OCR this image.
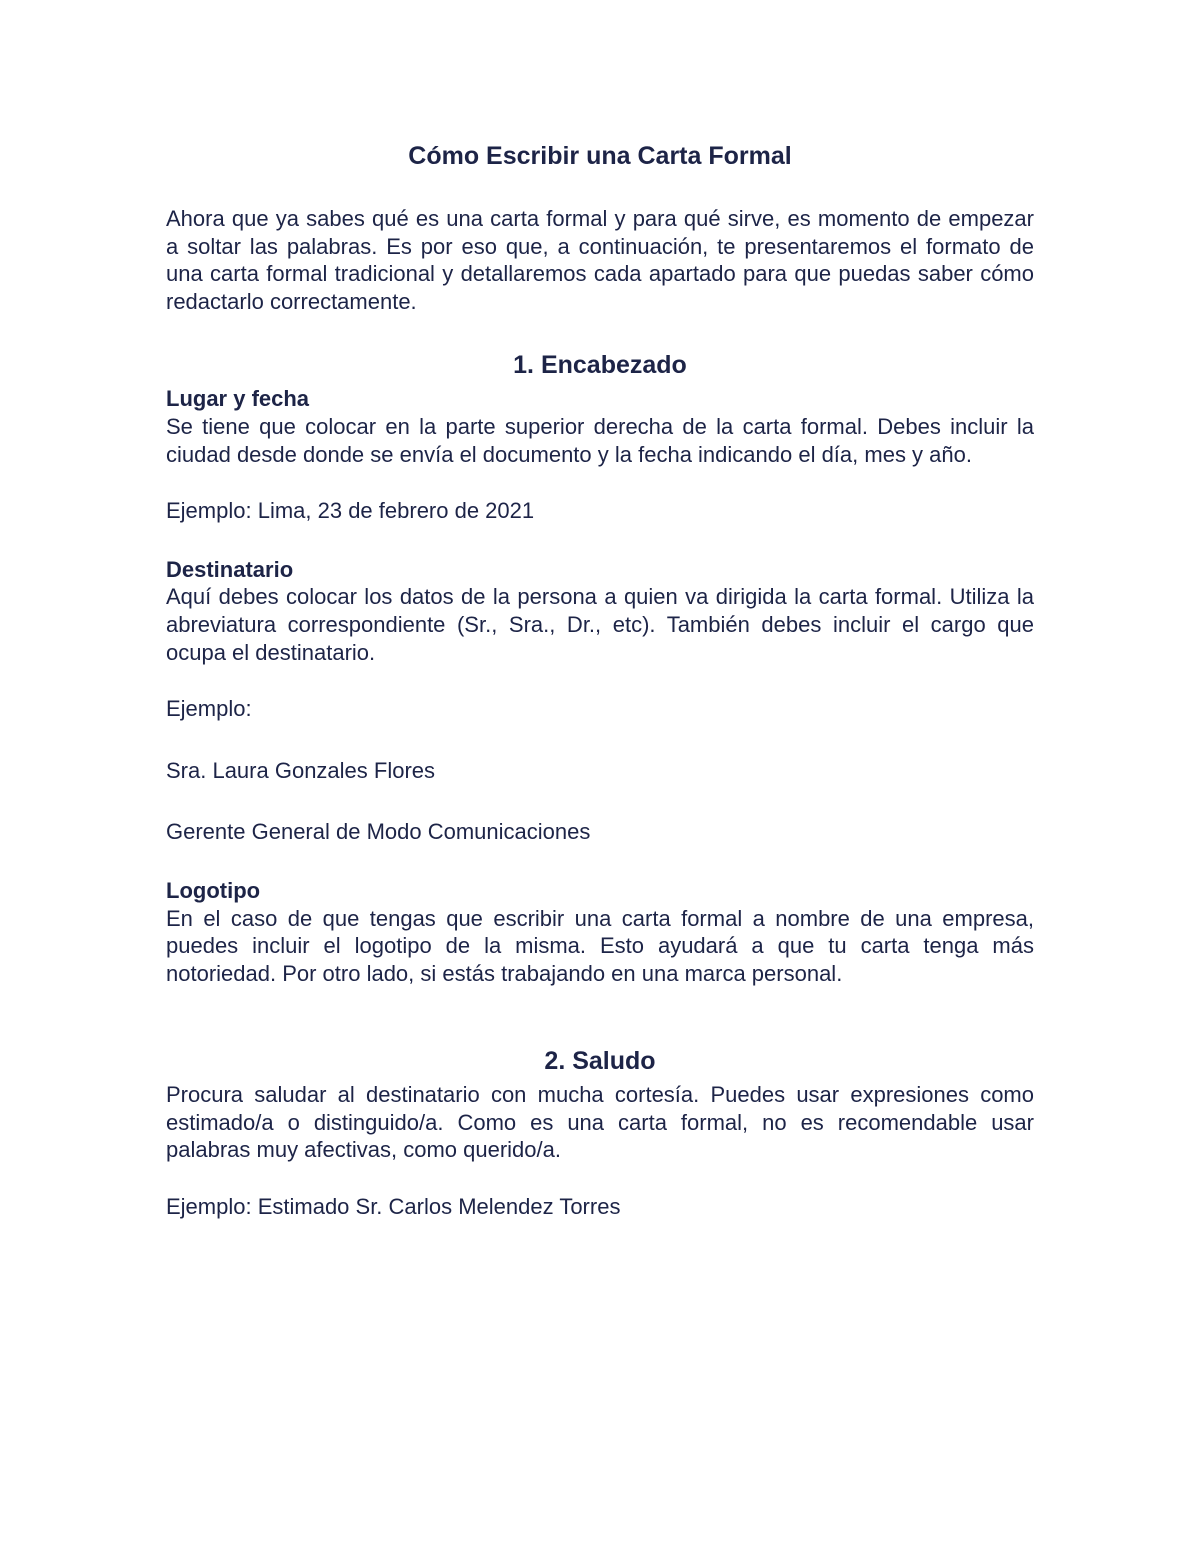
Cómo Escribir una Carta Formal

Ahora que ya sabes qué es una carta formal y para qué sirve, es momento de empezar a soltar las palabras. Es por eso que, a continuación, te presentaremos el formato de una carta formal tradicional y detallaremos cada apartado para que puedas saber cómo redactarlo correctamente.

1. Encabezado

Lugar y fecha

Se tiene que colocar en la parte superior derecha de la carta formal. Debes incluir la ciudad desde donde se envía el documento y la fecha indicando el día, mes y año.

Ejemplo: Lima, 23 de febrero de 2021

Destinatario

Aquí debes colocar los datos de la persona a quien va dirigida la carta formal. Utiliza la abreviatura correspondiente (Sr., Sra., Dr., etc). También debes incluir el cargo que ocupa el destinatario.

Ejemplo:

Sra. Laura Gonzales Flores

Gerente General de Modo Comunicaciones

Logotipo

En el caso de que tengas que escribir una carta formal a nombre de una empresa, puedes incluir el logotipo de la misma. Esto ayudará a que tu carta tenga más notoriedad. Por otro lado, si estás trabajando en una marca personal.

2. Saludo

Procura saludar al destinatario con mucha cortesía. Puedes usar expresiones como estimado/a o distinguido/a. Como es una carta formal, no es recomendable usar palabras muy afectivas, como querido/a.

Ejemplo: Estimado Sr. Carlos Melendez Torres
